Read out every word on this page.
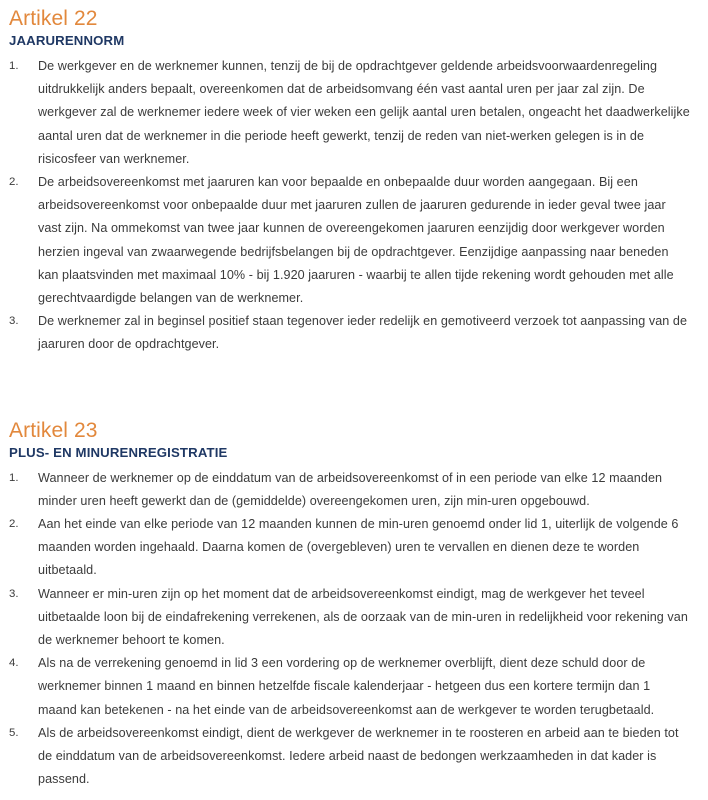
Artikel 22
JAARURENNORM
1.	De werkgever en de werknemer kunnen, tenzij de bij de opdrachtgever geldende arbeidsvoorwaardenregeling uitdrukkelijk anders bepaalt, overeenkomen dat de arbeidsomvang één vast aantal uren per jaar zal zijn. De werkgever zal de werknemer iedere week of vier weken een gelijk aantal uren betalen, ongeacht het daadwerkelijke aantal uren dat de werknemer in die periode heeft gewerkt, tenzij de reden van niet-werken gelegen is in de risicosfeer van werknemer.
2.	De arbeidsovereenkomst met jaaruren kan voor bepaalde en onbepaalde duur worden aangegaan. Bij een arbeidsovereenkomst voor onbepaalde duur met jaaruren zullen de jaaruren gedurende in ieder geval twee jaar vast zijn. Na ommekomst van twee jaar kunnen de overeengekomen jaaruren eenzijdig door werkgever worden herzien ingeval van zwaarwegende bedrijfsbelangen bij de opdrachtgever. Eenzijdige aanpassing naar beneden kan plaatsvinden met maximaal 10% - bij 1.920 jaaruren - waarbij te allen tijde rekening wordt gehouden met alle gerechtvaardigde belangen van de werknemer.
3.	De werknemer zal in beginsel positief staan tegenover ieder redelijk en gemotiveerd verzoek tot aanpassing van de jaaruren door de opdrachtgever.
Artikel 23
PLUS- EN MINURENREGISTRATIE
1.	Wanneer de werknemer op de einddatum van de arbeidsovereenkomst of in een periode van elke 12 maanden minder uren heeft gewerkt dan de (gemiddelde) overeengekomen uren, zijn min-uren opgebouwd.
2.	Aan het einde van elke periode van 12 maanden kunnen de min-uren genoemd onder lid 1, uiterlijk de volgende 6 maanden worden ingehaald. Daarna komen de (overgebleven) uren te vervallen en dienen deze te worden uitbetaald.
3.	Wanneer er min-uren zijn op het moment dat de arbeidsovereenkomst eindigt, mag de werkgever het teveel uitbetaalde loon bij de eindafrekening verrekenen, als de oorzaak van de min-uren in redelijkheid voor rekening van de werknemer behoort te komen.
4.	Als na de verrekening genoemd in lid 3 een vordering op de werknemer overblijft, dient deze schuld door de werknemer binnen 1 maand en binnen hetzelfde fiscale kalenderjaar - hetgeen dus een kortere termijn dan 1 maand kan betekenen - na het einde van de arbeidsovereenkomst aan de werkgever te worden terugbetaald.
5.	Als de arbeidsovereenkomst eindigt, dient de werkgever de werknemer in te roosteren en arbeid aan te bieden tot de einddatum van de arbeidsovereenkomst. Iedere arbeid naast de bedongen werkzaamheden in dat kader is passend.
